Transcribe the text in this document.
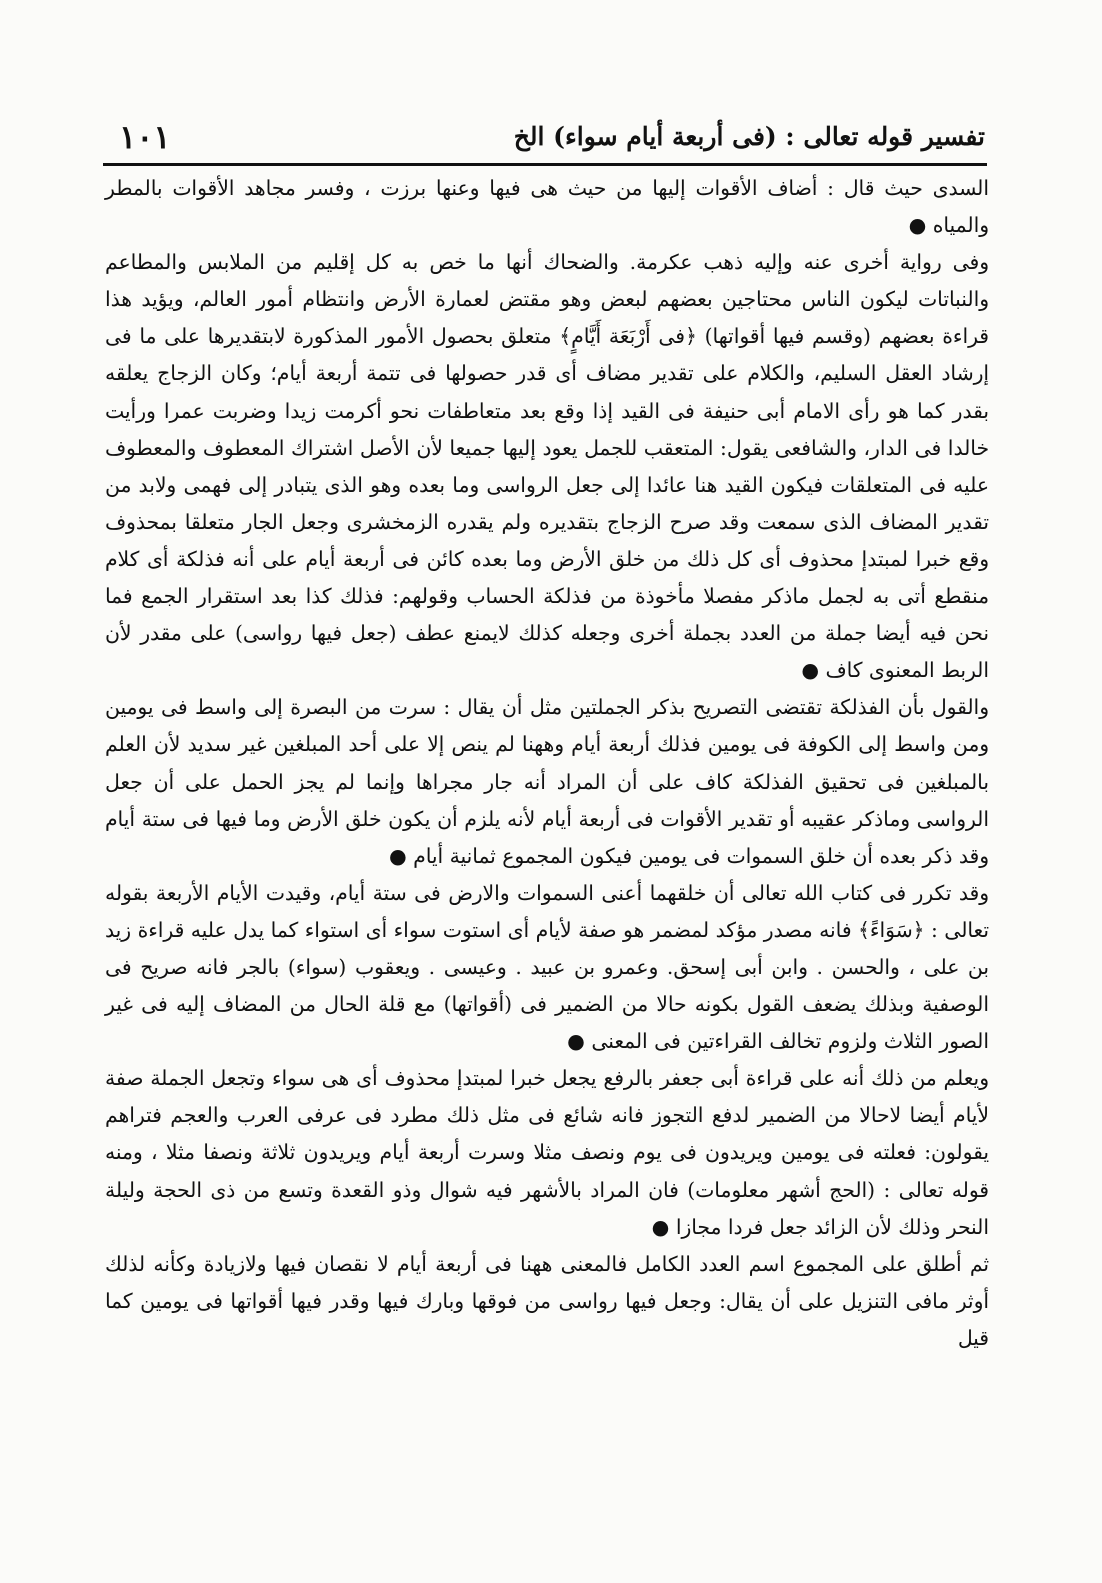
تفسير قوله تعالى : (فى أربعة أيام سواء) الخ
١٠١

السدى حيث قال : أضاف الأقوات إليها من حيث هى فيها وعنها برزت ، وفسر مجاهد الأقوات بالمطر والمياه ●

وفى رواية أخرى عنه وإليه ذهب عكرمة. والضحاك أنها ما خص به كل إقليم من الملابس والمطاعم والنباتات ليكون الناس محتاجين بعضهم لبعض وهو مقتض لعمارة الأرض وانتظام أمور العالم، ويؤيد هذا قراءة بعضهم (وقسم فيها أقواتها) ﴿فى أَرْبَعَة أَيَّامٍ﴾ متعلق بحصول الأمور المذكورة لابتقديرها على ما فى إرشاد العقل السليم، والكلام على تقدير مضاف أى قدر حصولها فى تتمة أربعة أيام؛ وكان الزجاج يعلقه بقدر كما هو رأى الامام أبى حنيفة فى القيد إذا وقع بعد متعاطفات نحو أكرمت زيدا وضربت عمرا ورأيت خالدا فى الدار، والشافعى يقول: المتعقب للجمل يعود إليها جميعا لأن الأصل اشتراك المعطوف والمعطوف عليه فى المتعلقات فيكون القيد هنا عائدا إلى جعل الرواسى وما بعده وهو الذى يتبادر إلى فهمى ولابد من تقدير المضاف الذى سمعت وقد صرح الزجاج بتقديره ولم يقدره الزمخشرى وجعل الجار متعلقا بمحذوف وقع خبرا لمبتدإ محذوف أى كل ذلك من خلق الأرض وما بعده كائن فى أربعة أيام على أنه فذلكة أى كلام منقطع أتى به لجمل ماذكر مفصلا مأخوذة من فذلكة الحساب وقولهم: فذلك كذا بعد استقرار الجمع فما نحن فيه أيضا جملة من العدد بجملة أخرى وجعله كذلك لايمنع عطف (جعل فيها رواسى) على مقدر لأن الربط المعنوى كاف ●

والقول بأن الفذلكة تقتضى التصريح بذكر الجملتين مثل أن يقال : سرت من البصرة إلى واسط فى يومين ومن واسط إلى الكوفة فى يومين فذلك أربعة أيام وههنا لم ينص إلا على أحد المبلغين غير سديد لأن العلم بالمبلغين فى تحقيق الفذلكة كاف على أن المراد أنه جار مجراها وإنما لم يجز الحمل على أن جعل الرواسى وماذكر عقيبه أو تقدير الأقوات فى أربعة أيام لأنه يلزم أن يكون خلق الأرض وما فيها فى ستة أيام وقد ذكر بعده أن خلق السموات فى يومين فيكون المجموع ثمانية أيام ●

وقد تكرر فى كتاب الله تعالى أن خلقهما أعنى السموات والارض فى ستة أيام، وقيدت الأيام الأربعة بقوله تعالى : ﴿سَوَاءً﴾ فانه مصدر مؤكد لمضمر هو صفة لأيام أى استوت سواء أى استواء كما يدل عليه قراءة زيد بن على ، والحسن . وابن أبى إسحق. وعمرو بن عبيد . وعيسى . ويعقوب (سواء) بالجر فانه صريح فى الوصفية وبذلك يضعف القول بكونه حالا من الضمير فى (أقواتها) مع قلة الحال من المضاف إليه فى غير الصور الثلاث ولزوم تخالف القراءتين فى المعنى ●

ويعلم من ذلك أنه على قراءة أبى جعفر بالرفع يجعل خبرا لمبتدإ محذوف أى هى سواء وتجعل الجملة صفة لأيام أيضا لاحالا من الضمير لدفع التجوز فانه شائع فى مثل ذلك مطرد فى عرفى العرب والعجم فتراهم يقولون: فعلته فى يومين ويريدون فى يوم ونصف مثلا وسرت أربعة أيام ويريدون ثلاثة ونصفا مثلا ، ومنه قوله تعالى : (الحج أشهر معلومات) فان المراد بالأشهر فيه شوال وذو القعدة وتسع من ذى الحجة وليلة النحر وذلك لأن الزائد جعل فردا مجازا ●

ثم أطلق على المجموع اسم العدد الكامل فالمعنى ههنا فى أربعة أيام لا نقصان فيها ولازيادة وكأنه لذلك أوثر مافى التنزيل على أن يقال: وجعل فيها رواسى من فوقها وبارك فيها وقدر فيها أقواتها فى يومين كما قيل
